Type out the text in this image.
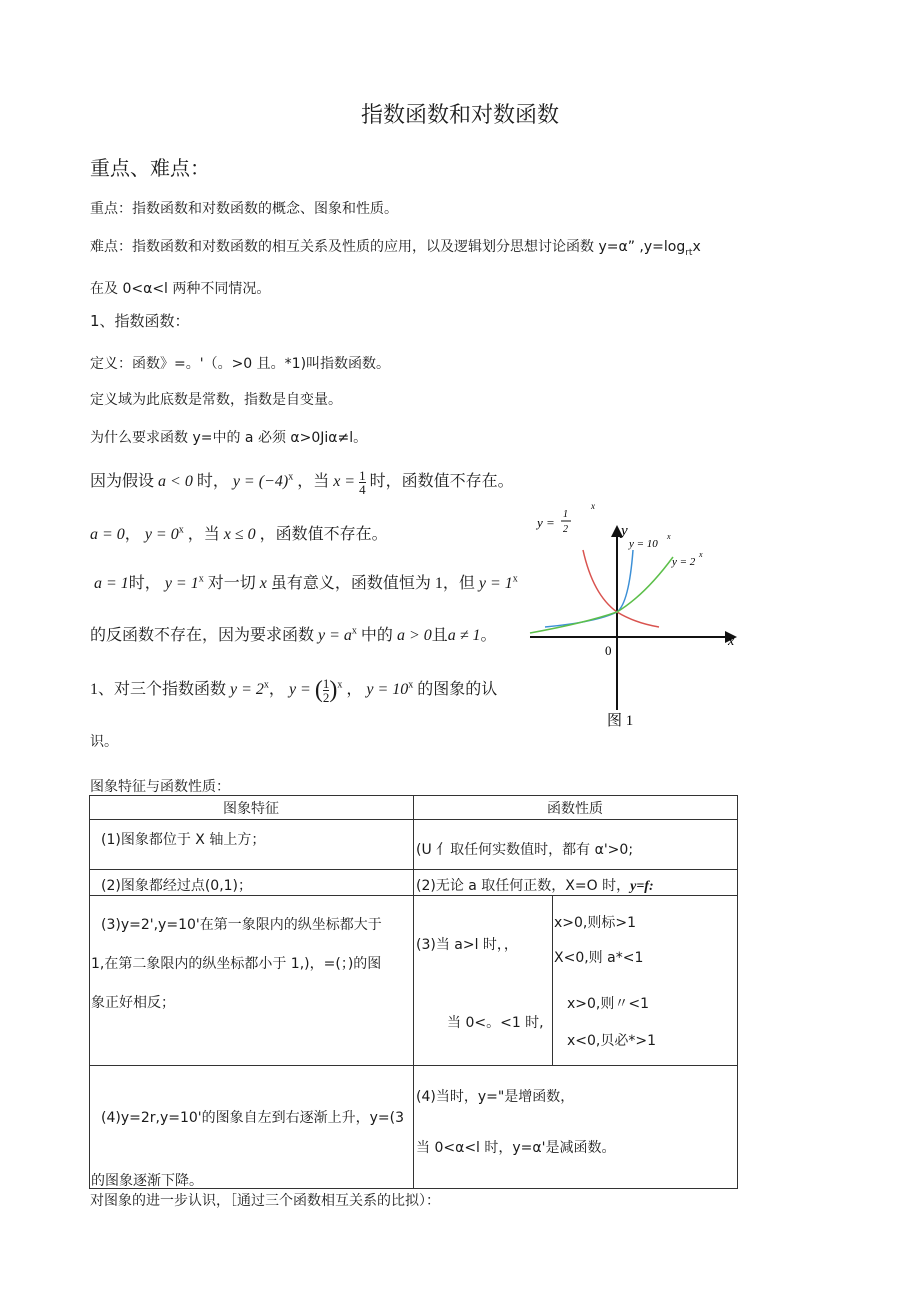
指数函数和对数函数
重点、难点：
重点：指数函数和对数函数的概念、图象和性质。
难点：指数函数和对数函数的相互关系及性质的应用，以及逻辑划分思想讨论函数 y=α” $,y=\log_{rt}x$
在及 0<α<l 两种不同情况。
1、指数函数：
定义：函数》=。'（。>0 且。*1)叫指数函数。
定义域为此底数是常数，指数是自变量。
为什么要求函数 y=中的 a 必须 α>0Jiα≠l。
因为假设 a < 0 时， $y = (-4)^x$ ，当 $x = \frac{1}{4}$ 时，函数值不存在。
a = 0， $y = 0^x$ ，当 x ≤ 0 ，函数值不存在。
a = 1时， $y = 1^x$ 对一切 x 虽有意义，函数值恒为 1，但 $y = 1^x$
的反函数不存在，因为要求函数 $y = a^x$ 中的 a > 0且a ≠ 1。
1、对三个指数函数 $y = 2^x$， y = ( $\frac{1}{2} )^x$ ， $y = 10^x$ 的图象的认
识。
y =
1
2
x
y
y = 10
x
y = 2
x
x
0
图 1
图象特征与函数性质：
图象特征	函数性质
(1)图象都位于 X 轴上方；
(U 亻取任何实数值时，都有 α'>0;
(2)图象都经过点(0,1)；	(2)无论 a 取任何正数，X=O 时，y=f:
(3)y=2',y=10'在第一象限内的纵坐标都大于
1,在第二象限内的纵坐标都小于 1,)，=(；)的图
象正好相反；
(3)当 a>l 时，，
当 0<。<1 时,
x>0,则标>1
X<0,则 a*<1
x>0,则〃<1
x<0,贝必*>1
(4)y=2r,y=10'的图象自左到右逐渐上升，y=(3
的图象逐渐下降。
(4)当时，y="是增函数，
当 0<α<l 时，y=α'是减函数。
对图象的进一步认识，［通过三个函数相互关系的比拟）：
